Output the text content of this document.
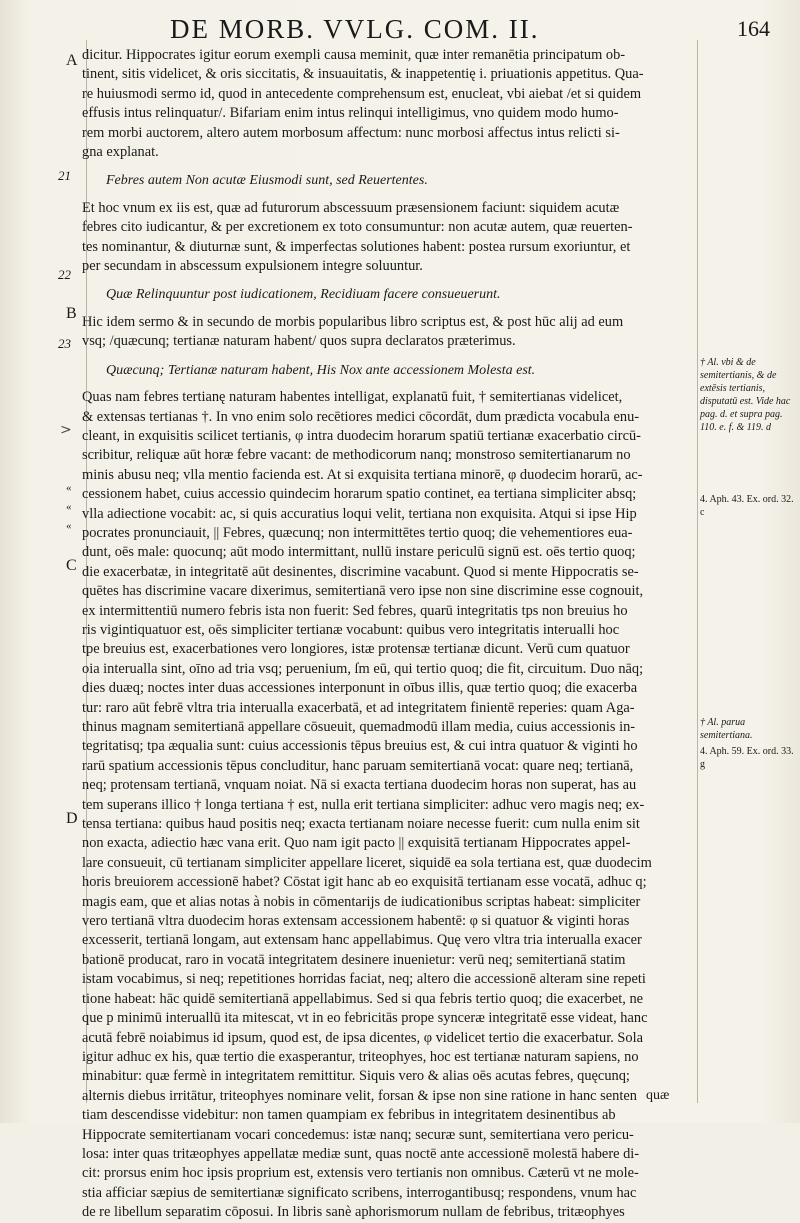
DE MORB. VVLG. COM. II.	164
21
22
23
A
B
C
D
«
«
«
>
dicitur. Hippocrates igitur eorum exempli causa meminit, quæ inter remanētia principatum ob-
tinent, sitis videlicet, & oris siccitatis, & insuauitatis, & inappetentię i. priuationis appetitus. Qua-
re huiusmodi sermo id, quod in antecedente comprehensum est, enucleat, vbi aiebat /et si quidem
effusis intus relinquatur/. Bifariam enim intus relinqui intelligimus, vno quidem modo humo-
rem morbi auctorem, altero autem morbosum affectum: nunc morbosi affectus intus relicti si-
gna explanat.

Febres autem Non acutæ Eiusmodi sunt, sed Reuertentes.

Et hoc vnum ex iis est, quæ ad futurorum abscessuum præsensionem faciunt: siquidem acutæ
febres cito iudicantur, & per excretionem ex toto consumuntur: non acutæ autem, quæ reuerten-
tes nominantur, & diuturnæ sunt, & imperfectas solutiones habent: postea rursum exoriuntur, et
per secundam in abscessum expulsionem integre soluuntur.

Quæ Relinquuntur post iudicationem, Recidiuam facere consueuerunt.

Hic idem sermo & in secundo de morbis popularibus libro scriptus est, & post hūc alij ad eum
vsq; /quæcunq; tertianæ naturam habent/ quos supra declaratos præterimus.

Quæcunq; Tertianæ naturam habent, His Nox ante accessionem Molesta est.

Quas nam febres tertianę naturam habentes intelligat, explanatū fuit, † semitertianas videlicet,
& extensas tertianas †. In vno enim solo recētiores medici cōcordāt, dum prædicta vocabula enu-
cleant, in exquisitis scilicet tertianis, φ intra duodecim horarum spatiū tertianæ exacerbatio circū-
scribitur, reliquæ aūt horæ febre vacant: de methodicorum nanq; monstroso semitertianarum no
minis abusu neq; vlla mentio facienda est. At si exquisita tertiana minorē, φ duodecim horarū, ac-
cessionem habet, cuius accessio quindecim horarum spatio continet, ea tertiana simpliciter absq;
vlla adiectione vocabit: ac, si quis accuratius loqui velit, tertiana non exquisita. Atqui si ipse Hip
pocrates pronunciauit, || Febres, quæcunq; non intermittētes tertio quoq; die vehementiores eua-
dunt, oēs male: quocunq; aūt modo intermittant, nullū instare periculū signū est. oēs tertio quoq;
die exacerbatæ, in integritatē aūt desinentes, discrimine vacabunt. Quod si mente Hippocratis se-
quētes has discrimine vacare dixerimus, semitertianā vero ipse non sine discrimine esse cognouit,
ex intermittentiū numero febris ista non fuerit: Sed febres, quarū integritatis tps non breuius ho
ris vigintiquatuor est, oēs simpliciter tertianæ vocabunt: quibus vero integritatis interualli hoc
tpe breuius est, exacerbationes vero longiores, istæ protensæ tertianæ dicunt. Verū cum quatuor
oia interualla sint, oīno ad tria vsq; peruenium, ſm eū, qui tertio quoq; die fit, circuitum. Duo nāq;
dies duæq; noctes inter duas accessiones interponunt in oībus illis, quæ tertio quoq; die exacerba
tur: raro aūt febrē vltra tria interualla exacerbatā, et ad integritatem finientē reperies: quam Aga-
thinus magnam semitertianā appellare cōsueuit, quemadmodū illam media, cuius accessionis in-
tegritatisq; tpa æqualia sunt: cuius accessionis tēpus breuius est, & cui intra quatuor & viginti ho
rarū spatium accessionis tēpus concluditur, hanc paruam semitertianā vocat: quare neq; tertianā,
neq; protensam tertianā, vnquam noiat. Nā si exacta tertiana duodecim horas non superat, has au
tem superans illico † longa tertiana † est, nulla erit tertiana simpliciter: adhuc vero magis neq; ex-
tensa tertiana: quibus haud positis neq; exacta tertianam noiare necesse fuerit: cum nulla enim sit
non exacta, adiectio hæc vana erit. Quo nam igit pacto || exquisitā tertianam Hippocrates appel-
lare consueuit, cū tertianam simpliciter appellare liceret, siquidē ea sola tertiana est, quæ duodecim
horis breuiorem accessionē habet? Cōstat igit hanc ab eo exquisitā tertianam esse vocatā, adhuc q;
magis eam, que et alias notas à nobis in cōmentarijs de iudicationibus scriptas habeat: simpliciter
vero tertianā vltra duodecim horas extensam accessionem habentē: φ si quatuor & viginti horas
excesserit, tertianā longam, aut extensam hanc appellabimus. Quę vero vltra tria interualla exacer
bationē producat, raro in vocatā integritatem desinere inuenietur: verū neq; semitertianā statim
istam vocabimus, si neq; repetitiones horridas faciat, neq; altero die accessionē alteram sine repeti
tione habeat: hāc quidē semitertianā appellabimus. Sed si qua febris tertio quoq; die exacerbet, ne
que p minimū interuallū ita mitescat, vt in eo febricitās prope synceræ integritatē esse videat, hanc
acutā febrē noiabimus id ipsum, quod est, de ipsa dicentes, φ videlicet tertio die exacerbatur. Sola
igitur adhuc ex his, quæ tertio die exasperantur, triteophyes, hoc est tertianæ naturam sapiens, no
minabitur: quæ fermè in integritatem remittitur. Siquis vero & alias oēs acutas febres, quęcunq;
alternis diebus irritātur, triteophyes nominare velit, forsan & ipse non sine ratione in hanc senten
tiam descendisse videbitur: non tamen quampiam ex febribus in integritatem desinentibus ab
Hippocrate semitertianam vocari concedemus: istæ nanq; securæ sunt, semitertiana vero pericu-
losa: inter quas tritæophyes appellatæ mediæ sunt, quas noctē ante accessionē molestā habere di-
cit: prorsus enim hoc ipsis proprium est, extensis vero tertianis non omnibus. Cæterū vt ne mole-
stia afficiar sæpius de semitertianæ significato scribens, interrogantibusq; respondens, vnum hac
de re libellum separatim cōposui. In libris sanè aphorismorum nullam de febribus, tritæophyes
† Al. vbi & de semitertianis, & de extēsis tertianis, disputatū est. Vide hac pag. d. et supra pag. 110. e. f. & 119. d
4. Aph. 43. Ex. ord. 32. c
† Al. parua semitertiana.
4. Aph. 59. Ex. ord. 33. g
quæ
